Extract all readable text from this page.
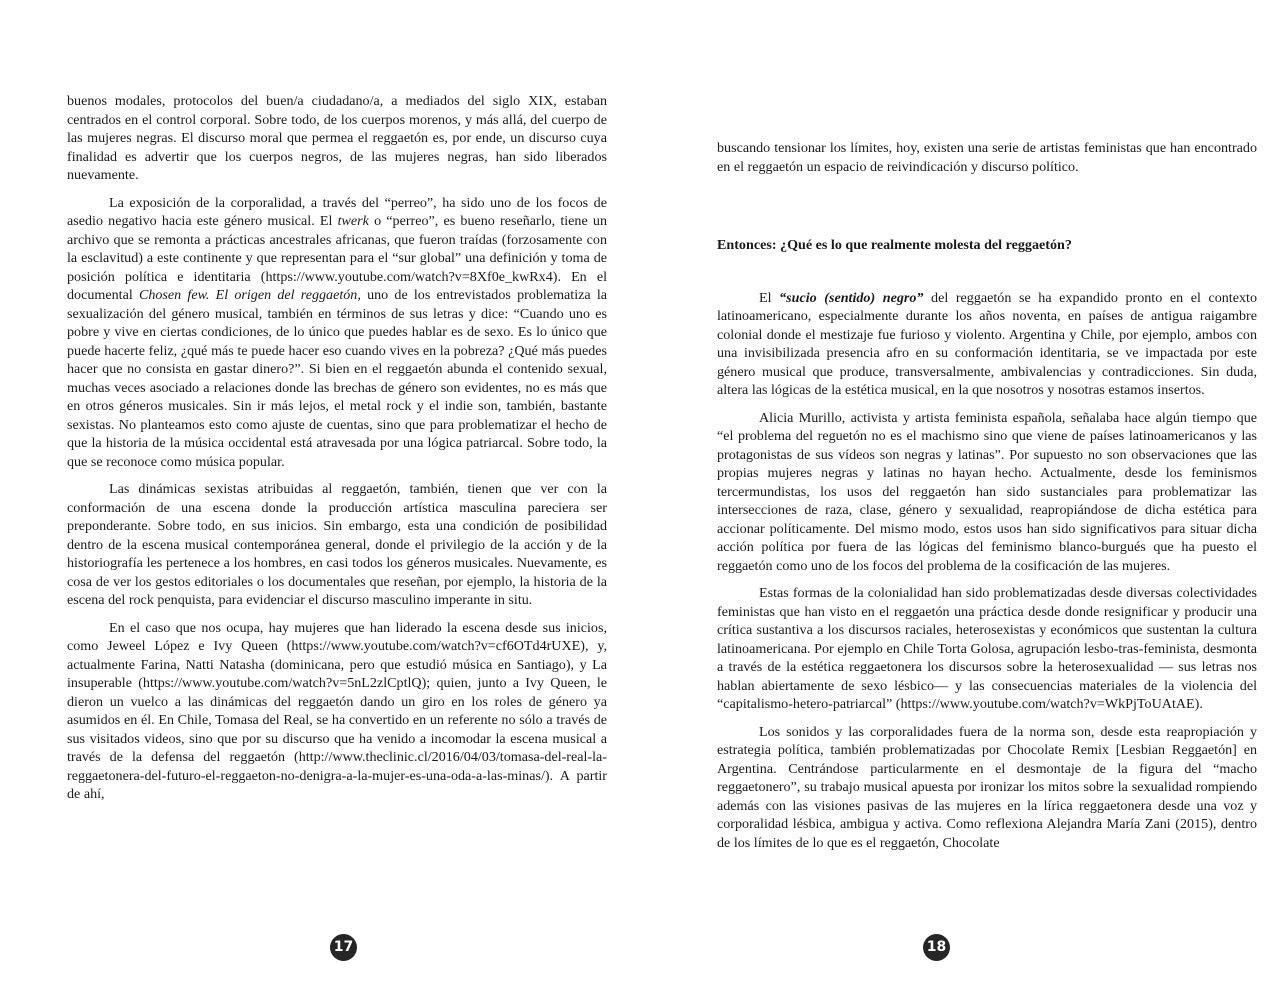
buenos modales, protocolos del buen/a ciudadano/a, a mediados del siglo XIX, estaban centrados en el control corporal. Sobre todo, de los cuerpos morenos, y más allá, del cuerpo de las mujeres negras. El discurso moral que permea el reggaetón es, por ende, un discurso cuya finalidad es advertir que los cuerpos negros, de las mujeres negras, han sido liberados nuevamente.

La exposición de la corporalidad, a través del “perreo”, ha sido uno de los focos de asedio negativo hacia este género musical. El twerk o “perreo”, es bueno reseñarlo, tiene un archivo que se remonta a prácticas ancestrales africanas, que fueron traídas (forzosamente con la esclavitud) a este continente y que representan para el “sur global” una definición y toma de posición política e identitaria (https://www.youtube.com/watch?v=8Xf0e_kwRx4). En el documental Chosen few. El origen del reggaetón, uno de los entrevistados problematiza la sexualización del género musical, también en términos de sus letras y dice: “Cuando uno es pobre y vive en ciertas condiciones, de lo único que puedes hablar es de sexo. Es lo único que puede hacerte feliz, ¿qué más te puede hacer eso cuando vives en la pobreza? ¿Qué más puedes hacer que no consista en gastar dinero?”. Si bien en el reggaetón abunda el contenido sexual, muchas veces asociado a relaciones donde las brechas de género son evidentes, no es más que en otros géneros musicales. Sin ir más lejos, el metal rock y el indie son, también, bastante sexistas. No planteamos esto como ajuste de cuentas, sino que para problematizar el hecho de que la historia de la música occidental está atravesada por una lógica patriarcal. Sobre todo, la que se reconoce como música popular.

Las dinámicas sexistas atribuidas al reggaetón, también, tienen que ver con la conformación de una escena donde la producción artística masculina pareciera ser preponderante. Sobre todo, en sus inicios. Sin embargo, esta una condición de posibilidad dentro de la escena musical contemporánea general, donde el privilegio de la acción y de la historiografía les pertenece a los hombres, en casi todos los géneros musicales. Nuevamente, es cosa de ver los gestos editoriales o los documentales que reseñan, por ejemplo, la historia de la escena del rock penquista, para evidenciar el discurso masculino imperante in situ.

En el caso que nos ocupa, hay mujeres que han liderado la escena desde sus inicios, como Jeweel López e Ivy Queen (https://www.youtube.com/watch?v=cf6OTd4rUXE), y, actualmente Farina, Natti Natasha (dominicana, pero que estudió música en Santiago), y La insuperable (https://www.youtube.com/watch?v=5nL2zlCptlQ); quien, junto a Ivy Queen, le dieron un vuelco a las dinámicas del reggaetón dando un giro en los roles de género ya asumidos en él. En Chile, Tomasa del Real, se ha convertido en un referente no sólo a través de sus visitados videos, sino que por su discurso que ha venido a incomodar la escena musical a través de la defensa del reggaetón (http://www.theclinic.cl/2016/04/03/tomasa-del-real-la-reggaetonera-del-futuro-el-reggaeton-no-denigra-a-la-mujer-es-una-oda-a-las-minas/). A partir de ahí,

17

buscando tensionar los límites, hoy, existen una serie de artistas feministas que han encontrado en el reggaetón un espacio de reivindicación y discurso político.

Entonces: ¿Qué es lo que realmente molesta del reggaetón?

El “sucio (sentido) negro” del reggaetón se ha expandido pronto en el contexto latinoamericano, especialmente durante los años noventa, en países de antigua raigambre colonial donde el mestizaje fue furioso y violento. Argentina y Chile, por ejemplo, ambos con una invisibilizada presencia afro en su conformación identitaria, se ve impactada por este género musical que produce, transversalmente, ambivalencias y contradicciones. Sin duda, altera las lógicas de la estética musical, en la que nosotros y nosotras estamos insertos.

Alicia Murillo, activista y artista feminista española, señalaba hace algún tiempo que “el problema del reguetón no es el machismo sino que viene de países latinoamericanos y las protagonistas de sus vídeos son negras y latinas”. Por supuesto no son observaciones que las propias mujeres negras y latinas no hayan hecho. Actualmente, desde los feminismos tercermundistas, los usos del reggaetón han sido sustanciales para problematizar las intersecciones de raza, clase, género y sexualidad, reapropiándose de dicha estética para accionar políticamente. Del mismo modo, estos usos han sido significativos para situar dicha acción política por fuera de las lógicas del feminismo blanco-burgués que ha puesto el reggaetón como uno de los focos del problema de la cosificación de las mujeres.

Estas formas de la colonialidad han sido problematizadas desde diversas colectividades feministas que han visto en el reggaetón una práctica desde donde resignificar y producir una crítica sustantiva a los discursos raciales, heterosexistas y económicos que sustentan la cultura latinoamericana. Por ejemplo en Chile Torta Golosa, agrupación lesbo-tras-feminista, desmonta a través de la estética reggaetonera los discursos sobre la heterosexualidad — sus letras nos hablan abiertamente de sexo lésbico— y las consecuencias materiales de la violencia del “capitalismo-hetero-patriarcal” (https://www.youtube.com/watch?v=WkPjToUAtAE).

Los sonidos y las corporalidades fuera de la norma son, desde esta reapropiación y estrategia política, también problematizadas por Chocolate Remix [Lesbian Reggaetón] en Argentina. Centrándose particularmente en el desmontaje de la figura del “macho reggaetonero”, su trabajo musical apuesta por ironizar los mitos sobre la sexualidad rompiendo además con las visiones pasivas de las mujeres en la lírica reggaetonera desde una voz y corporalidad lésbica, ambigua y activa. Como reflexiona Alejandra María Zani (2015), dentro de los límites de lo que es el reggaetón, Chocolate

18
